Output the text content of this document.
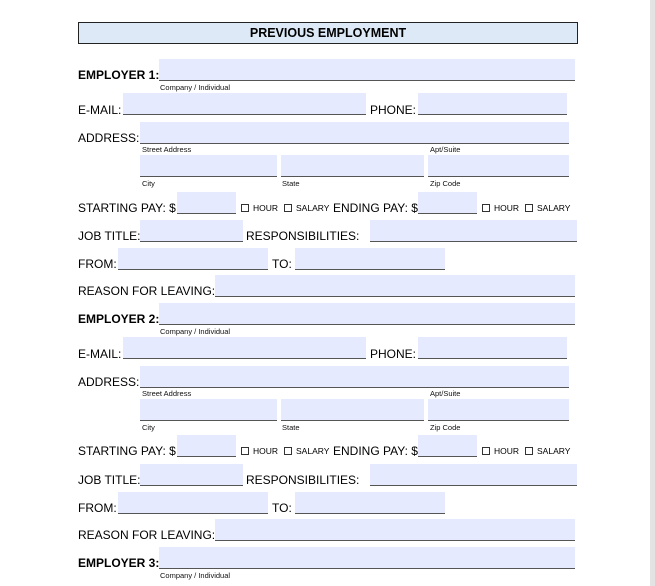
PREVIOUS EMPLOYMENT
EMPLOYER 1:
Company / Individual
E-MAIL:	PHONE:
ADDRESS:
Street Address	Apt/Suite
City	State	Zip Code
STARTING PAY: $	HOUR SALARY ENDING PAY: $	HOUR SALARY
JOB TITLE:	RESPONSIBILITIES:
FROM:	TO:
REASON FOR LEAVING:
EMPLOYER 2:
Company / Individual
E-MAIL:	PHONE:
ADDRESS:
Street Address	Apt/Suite
City	State	Zip Code
STARTING PAY: $	HOUR SALARY ENDING PAY: $	HOUR SALARY
JOB TITLE:	RESPONSIBILITIES:
FROM:	TO:
REASON FOR LEAVING:
EMPLOYER 3:
Company / Individual
